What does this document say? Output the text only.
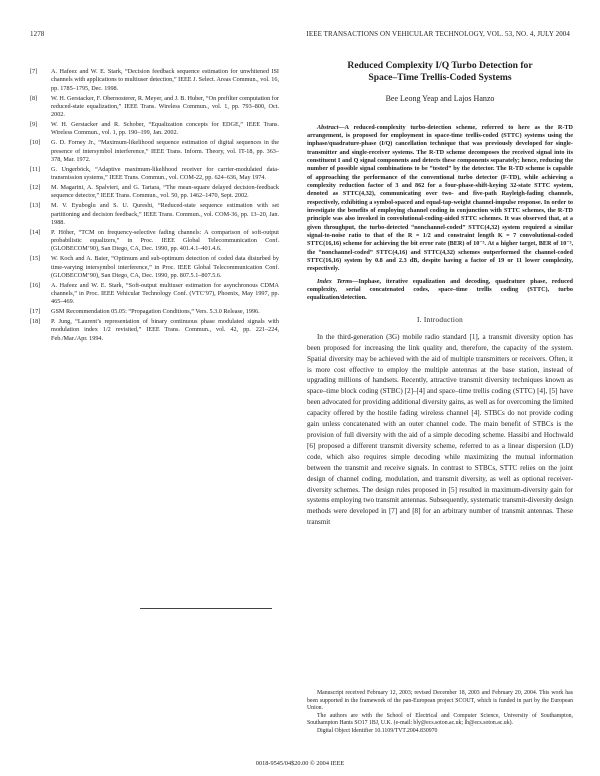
1278	IEEE TRANSACTIONS ON VEHICULAR TECHNOLOGY, VOL. 53, NO. 4, JULY 2004
[7]	A. Hafeez and W. E. Stark, “Decision feedback sequence estimation for unwhitened ISI channels with applications to multiuser detection,” IEEE J. Select. Areas Commun., vol. 16, pp. 1785–1795, Dec. 1998.
[8]	W. H. Gerstacker, F. Obernosterer, R. Meyer, and J. B. Huber, “On prefilter computation for reduced-state equalization,” IEEE Trans. Wireless Commun., vol. 1, pp. 793–800, Oct. 2002.
[9]	W. H. Gerstacker and R. Schober, “Equalization concepts for EDGE,” IEEE Trans. Wireless Commun., vol. 1, pp. 190–199, Jan. 2002.
[10]	G. D. Forney Jr., “Maximum-likelihood sequence estimation of digital sequences in the presence of intersymbol interference,” IEEE Trans. Inform. Theory, vol. IT-18, pp. 363–378, Mar. 1972.
[11]	G. Ungerböck, “Adaptive maximum-likelihood receiver for carrier-modulated data-transmission systems,” IEEE Trans. Commun., vol. COM-22, pp. 624–636, May 1974.
[12]	M. Magarini, A. Spalvieri, and G. Tartara, “The mean-square delayed decision-feedback sequence detector,” IEEE Trans. Commun., vol. 50, pp. 1462–1470, Sept. 2002.
[13]	M. V. Eyuboglu and S. U. Qureshi, “Reduced-state sequence estimation with set partitioning and decision feedback,” IEEE Trans. Commun., vol. COM-36, pp. 13–20, Jan. 1988.
[14]	P. Höher, “TCM on frequency-selective fading channels: A comparison of soft-output probabilistic equalizers,” in Proc. IEEE Global Telecommunication Conf. (GLOBECOM’90), San Diego, CA, Dec. 1990, pp. 401.4.1–401.4.6.
[15]	W. Koch and A. Baier, “Optimum and sub-optimum detection of coded data disturbed by time-varying intersymbol interference,” in Proc. IEEE Global Telecommunication Conf. (GLOBECOM’90), San Diego, CA, Dec. 1990, pp. 807.5.1–807.5.6.
[16]	A. Hafeez and W. E. Stark, “Soft-output multiuser estimation for asynchronous CDMA channels,” in Proc. IEEE Vehicular Technology Conf. (VTC’97), Phoenix, May 1997, pp. 465–469.
[17]	GSM Recommendation 05.05: “Propagation Conditions,” Vers. 5.3.0 Release, 1996.
[18]	P. Jung, “Laurent’s representation of binary continuous phase modulated signals with modulation index 1/2 revisited,” IEEE Trans. Commun., vol. 42, pp. 221–224, Feb./Mar./Apr. 1994.
Reduced Complexity I/Q Turbo Detection for
Space–Time Trellis-Coded Systems
Bee Leong Yeap and Lajos Hanzo
Abstract—A reduced-complexity turbo-detection scheme, referred to here as the R-TD arrangement, is proposed for employment in space-time trellis-coded (STTC) systems using the inphase/quadrature-phase (I/Q) cancellation technique that was previously developed for single-transmitter and single-receiver systems. The R-TD scheme decomposes the received signal into its constituent I and Q signal components and detects these components separately; hence, reducing the number of possible signal combinations to be “tested” by the detector. The R-TD scheme is capable of approaching the performance of the conventional turbo detector (F-TD), while achieving a complexity reduction factor of 3 and 862 for a four-phase-shift-keying 32-state STTC system, denoted as STTC(4,32), communicating over two- and five-path Rayleigh-fading channels, respectively, exhibiting a symbol-spaced and equal-tap-weight channel-impulse response. In order to investigate the benefits of employing channel coding in conjunction with STTC schemes, the R-TD principle was also invoked in convolutional-coding-aided STTC schemes. It was observed that, at a given throughput, the turbo-detected “nonchannel-coded” STTC(4,32) system required a similar signal-to-noise ratio to that of the R = 1/2 and constraint length K = 7 convolutional-coded STTC(16,16) scheme for achieving the bit error rate (BER) of 10⁻⁵. At a higher target, BER of 10⁻³, the “nonchannel-coded” STTC(4,16) and STTC(4,32) schemes outperformed the channel-coded STTC(16,16) system by 0.8 and 2.3 dB, despite having a factor of 19 or 11 lower complexity, respectively.
Index Terms—Inphase, iterative equalization and decoding, quadrature phase, reduced complexity, serial concatenated codes, space–time trellis coding (STTC), turbo equalization/detection.
I. Introduction
In the third-generation (3G) mobile radio standard [1], a transmit diversity option has been proposed for increasing the link quality and, therefore, the capacity of the system. Spatial diversity may be achieved with the aid of multiple transmitters or receivers. Often, it is more cost effective to employ the multiple antennas at the base station, instead of upgrading millions of handsets. Recently, attractive transmit diversity techniques known as space–time block coding (STBC) [2]–[4] and space–time trellis coding (STTC) [4], [5] have been advocated for providing additional diversity gains, as well as for overcoming the limited capacity offered by the hostile fading wireless channel [4]. STBCs do not provide coding gain unless concatenated with an outer channel code. The main benefit of STBCs is the provision of full diversity with the aid of a simple decoding scheme. Hassibi and Hochwald [6] proposed a different transmit diversity scheme, referred to as a linear dispersion (LD) code, which also requires simple decoding while maximizing the mutual information between the transmit and receive signals. In contrast to STBCs, STTC relies on the joint design of channel coding, modulation, and transmit diversity, as well as optional receiver-diversity schemes. The design rules proposed in [5] resulted in maximum-diversity gain for systems employing two transmit antennas. Subsequently, systematic transmit-diversity design methods were developed in [7] and [8] for an arbitrary number of transmit antennas. These transmit

Manuscript received February 12, 2003; revised December 18, 2003 and February 20, 2004. This work has been supported in the framework of the pan-European project SCOUT, which is funded in part by the European Union.

The authors are with the School of Electrical and Computer Science, University of Southampton, Southampton Hants SO17 1BJ, U.K. (e-mail: bly@ecs.soton.ac.uk; lh@ecs.soton.ac.uk).

Digital Object Identifier 10.1109/TVT.2004.830970

0018-9545/04$20.00 © 2004 IEEE
